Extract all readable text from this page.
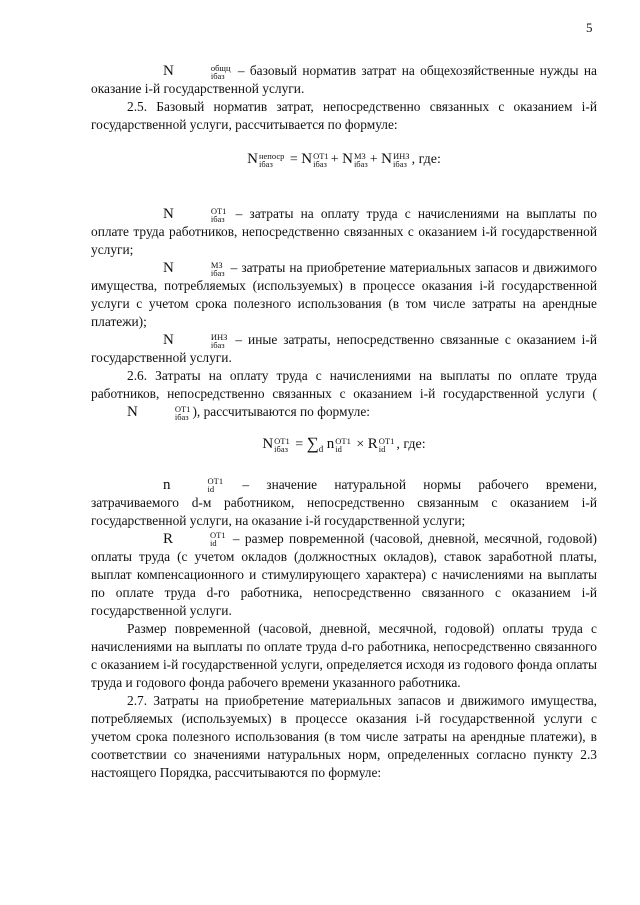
5

N	общц
iбаз – базовый норматив затрат на общехозяйственные нужды на оказание i-й государственной услуги.

2.5. Базовый норматив затрат, непосредственно связанных с оказанием i-й государственной услуги, рассчитывается по формуле:

N непоср
iбаз	= N ОТ1
iбаз + N МЗ
iбаз + N ИНЗ
iбаз , где:

N	ОТ1
iбаз – затраты на оплату труда с начислениями на выплаты по оплате труда работников, непосредственно связанных с оказанием i-й государственной услуги;

N	МЗ
iбаз – затраты на приобретение материальных запасов и движимого имущества, потребляемых (используемых) в процессе оказания i-й государственной услуги с учетом срока полезного использования (в том числе затраты на арендные платежи);

N	ИНЗ
iбаз – иные затраты, непосредственно связанные с оказанием i-й государственной услуги.

2.6. Затраты на оплату труда с начислениями на выплаты по оплате труда работников, непосредственно связанных с оказанием i-й государственной услуги (N	ОТ1
iбаз ), рассчитываются по формуле:

N ОТ1
iбаз = $\sum_d$ n ОТ1
id	× R ОТ1
id , где:

n	ОТ1
id – значение натуральной нормы рабочего времени, затрачиваемого d-м работником, непосредственно связанным с оказанием i-й государственной услуги, на оказание i-й государственной услуги;

R	ОТ1
id – размер повременной (часовой, дневной, месячной, годовой) оплаты труда (с учетом окладов (должностных окладов), ставок заработной платы, выплат компенсационного и стимулирующего характера) с начислениями на выплаты по оплате труда d-го работника, непосредственно связанного с оказанием i-й государственной услуги.

Размер повременной (часовой, дневной, месячной, годовой) оплаты труда с начислениями на выплаты по оплате труда d-го работника, непосредственно связанного с оказанием i-й государственной услуги, определяется исходя из годового фонда оплаты труда и годового фонда рабочего времени указанного работника.

2.7. Затраты на приобретение материальных запасов и движимого имущества, потребляемых (используемых) в процессе оказания i-й государственной услуги с учетом срока полезного использования (в том числе затраты на арендные платежи), в соответствии со значениями натуральных норм, определенных согласно пункту 2.3 настоящего Порядка, рассчитываются по формуле:
